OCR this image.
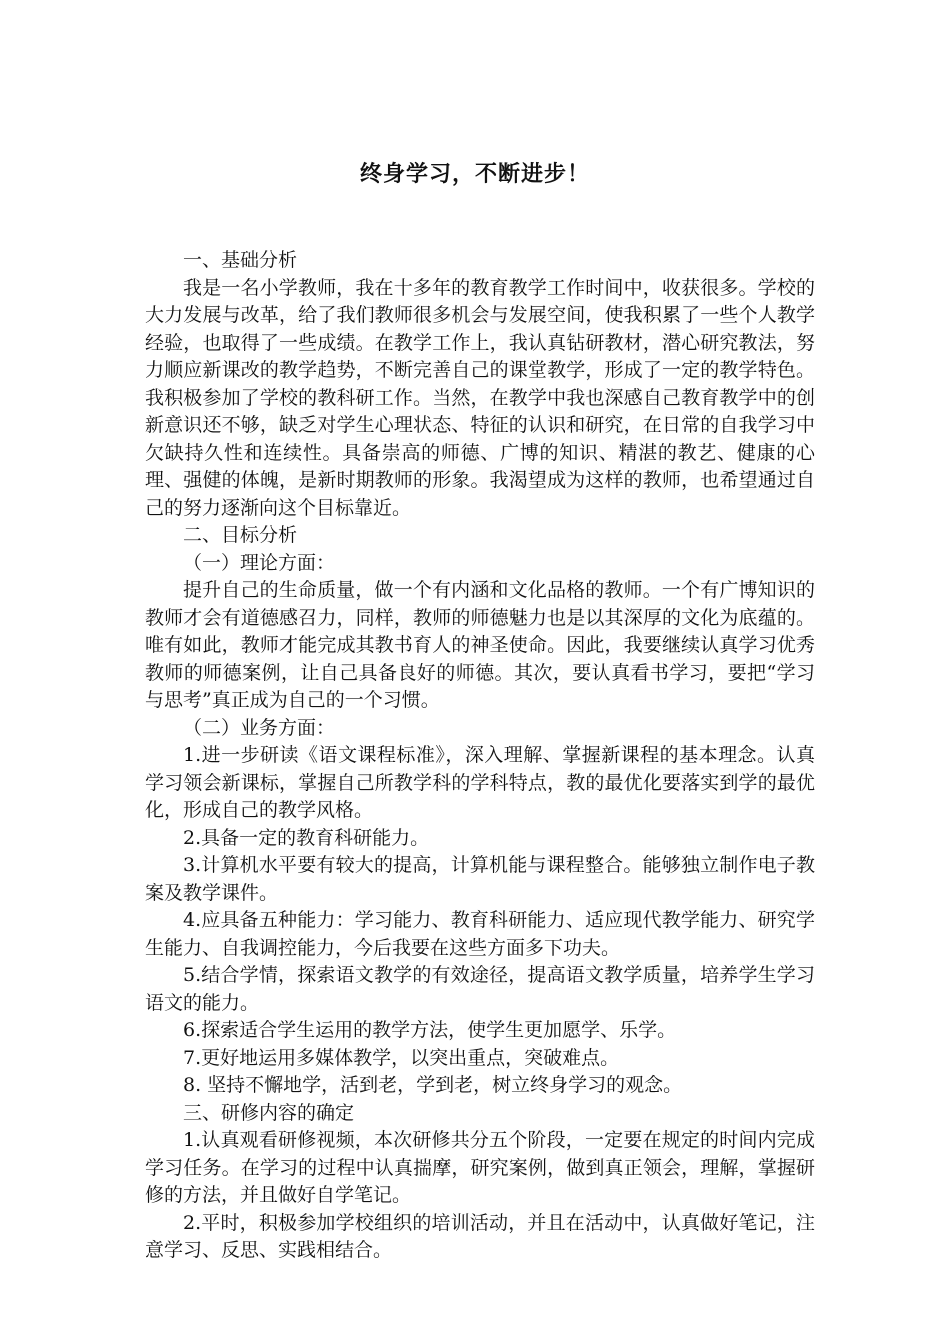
终身学习，不断进步！

一、基础分析

我是一名小学教师，我在十多年的教育教学工作时间中，收获很多。学校的大力发展与改革，给了我们教师很多机会与发展空间，使我积累了一些个人教学经验，也取得了一些成绩。在教学工作上，我认真钻研教材，潜心研究教法，努力顺应新课改的教学趋势，不断完善自己的课堂教学，形成了一定的教学特色。我积极参加了学校的教科研工作。当然，在教学中我也深感自己教育教学中的创新意识还不够，缺乏对学生心理状态、特征的认识和研究，在日常的自我学习中欠缺持久性和连续性。具备崇高的师德、广博的知识、精湛的教艺、健康的心理、强健的体魄，是新时期教师的形象。我渴望成为这样的教师，也希望通过自己的努力逐渐向这个目标靠近。

二、目标分析

（一）理论方面：

提升自己的生命质量，做一个有内涵和文化品格的教师。一个有广博知识的教师才会有道德感召力，同样，教师的师德魅力也是以其深厚的文化为底蕴的。唯有如此，教师才能完成其教书育人的神圣使命。因此，我要继续认真学习优秀教师的师德案例，让自己具备良好的师德。其次，要认真看书学习，要把“学习与思考”真正成为自己的一个习惯。

（二）业务方面：

1.进一步研读《语文课程标准》，深入理解、掌握新课程的基本理念。认真学习领会新课标，掌握自己所教学科的学科特点，教的最优化要落实到学的最优化，形成自己的教学风格。

2.具备一定的教育科研能力。

3.计算机水平要有较大的提高，计算机能与课程整合。能够独立制作电子教案及教学课件。

4.应具备五种能力：学习能力、教育科研能力、适应现代教学能力、研究学生能力、自我调控能力，今后我要在这些方面多下功夫。

5.结合学情，探索语文教学的有效途径，提高语文教学质量，培养学生学习语文的能力。

6.探索适合学生运用的教学方法，使学生更加愿学、乐学。

7.更好地运用多媒体教学，以突出重点，突破难点。

8. 坚持不懈地学，活到老，学到老，树立终身学习的观念。

三、研修内容的确定

1.认真观看研修视频，本次研修共分五个阶段，一定要在规定的时间内完成学习任务。在学习的过程中认真揣摩，研究案例，做到真正领会，理解，掌握研修的方法，并且做好自学笔记。

2.平时，积极参加学校组织的培训活动，并且在活动中，认真做好笔记，注意学习、反思、实践相结合。
